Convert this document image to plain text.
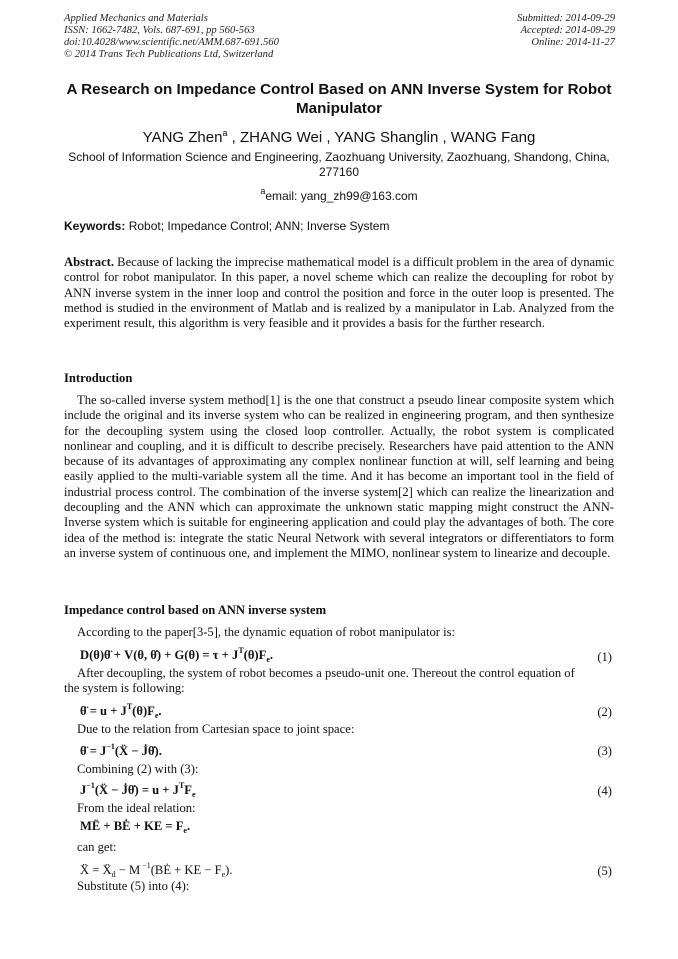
Applied Mechanics and Materials
ISSN: 1662-7482, Vols. 687-691, pp 560-563
doi:10.4028/www.scientific.net/AMM.687-691.560
© 2014 Trans Tech Publications Ltd, Switzerland
Submitted: 2014-09-29
Accepted: 2014-09-29
Online: 2014-11-27
A Research on Impedance Control Based on ANN Inverse System for Robot Manipulator
YANG Zhen$^a$ , ZHANG Wei , YANG Shanglin , WANG Fang
School of Information Science and Engineering, Zaozhuang University, Zaozhuang, Shandong, China, 277160
$^a$email: yang_zh99@163.com
Keywords: Robot; Impedance Control; ANN; Inverse System
Abstract. Because of lacking the imprecise mathematical model is a difficult problem in the area of dynamic control for robot manipulator. In this paper, a novel scheme which can realize the decoupling for robot by ANN inverse system in the inner loop and control the position and force in the outer loop is presented. The method is studied in the environment of Matlab and is realized by a manipulator in Lab. Analyzed from the experiment result, this algorithm is very feasible and it provides a basis for the further research.
Introduction
The so-called inverse system method[1] is the one that construct a pseudo linear composite system which include the original and its inverse system who can be realized in engineering program, and then synthesize for the decoupling system using the closed loop controller. Actually, the robot system is complicated nonlinear and coupling, and it is difficult to describe precisely. Researchers have paid attention to the ANN because of its advantages of approximating any complex nonlinear function at will, self learning and being easily applied to the multi-variable system all the time. And it has become an important tool in the field of industrial process control. The combination of the inverse system[2] which can realize the linearization and decoupling and the ANN which can approximate the unknown static mapping might construct the ANN-Inverse system which is suitable for engineering application and could play the advantages of both. The core idea of the method is: integrate the static Neural Network with several integrators or differentiators to form an inverse system of continuous one, and implement the MIMO, nonlinear system to linearize and decouple.
Impedance control based on ANN inverse system
According to the paper[3-5], the dynamic equation of robot manipulator is:
D(θ)θ̈ + V(θ, θ̇) + $G(\theta) = \tau + J^T(\theta)F_e$.	(1)
After decoupling, the system of robot becomes a pseudo-unit one. Thereout the control equation of
the system is following:
θ̈ = $u + J^T(\theta)F_e$.	(2)
Due to the relation from Cartesian space to joint space:
θ̈ = $J^{-1}(Ẍ$ − J̇θ̇).	(3)
Combining (2) with (3):
$J^{-1}(Ẍ$ − J̇θ̇) = $u + J^TF_e$	(4)
From the ideal relation:
MË + BĖ + KE = $F_e$.
can get:
Ẍ = Ẍ$_d$ − M $^{-1}$(BĖ + KE − $F_e$).	(5)
Substitute (5) into (4):
